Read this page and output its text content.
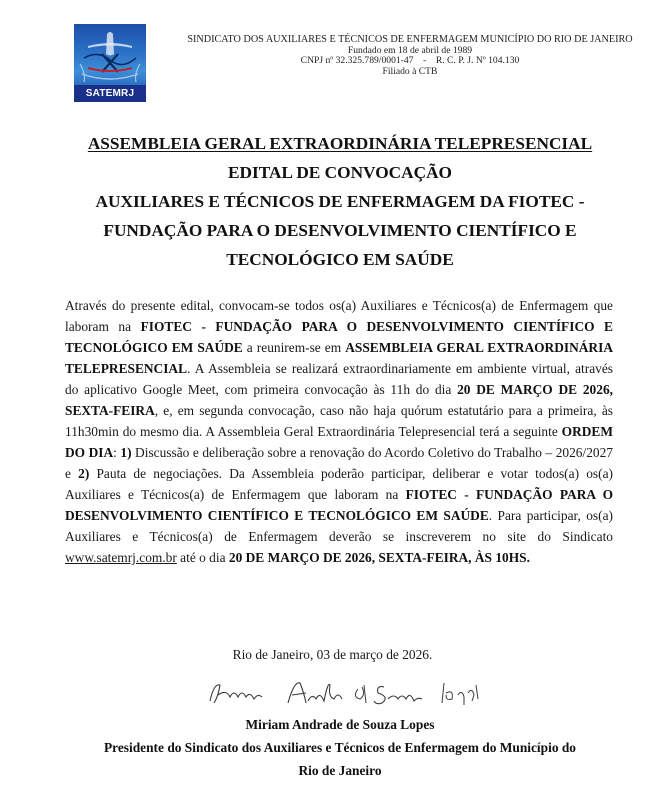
SATEMRJ
SINDICATO DOS AUXILIARES E TÉCNICOS DE ENFERMAGEM MUNICÍPIO DO RIO DE JANEIRO
Fundado em 18 de abril de 1989
CNPJ nº 32.325.789/0001-47    -    R. C. P. J. Nº 104.130
Filiado à CTB
ASSEMBLEIA GERAL EXTRAORDINÁRIA TELEPRESENCIAL
EDITAL DE CONVOCAÇÃO
AUXILIARES E TÉCNICOS DE ENFERMAGEM DA FIOTEC -
FUNDAÇÃO PARA O DESENVOLVIMENTO CIENTÍFICO E
TECNOLÓGICO EM SAÚDE
Através do presente edital, convocam-se todos os(a) Auxiliares e Técnicos(a) de Enfermagem que laboram na FIOTEC - FUNDAÇÃO PARA O DESENVOLVIMENTO CIENTÍFICO E TECNOLÓGICO EM SAÚDE a reunirem-se em ASSEMBLEIA GERAL EXTRAORDINÁRIA TELEPRESENCIAL. A Assembleia se realizará extraordinariamente em ambiente virtual, através do aplicativo Google Meet, com primeira convocação às 11h do dia 20 DE MARÇO DE 2026, SEXTA-FEIRA, e, em segunda convocação, caso não haja quórum estatutário para a primeira, às 11h30min do mesmo dia. A Assembleia Geral Extraordinária Telepresencial terá a seguinte ORDEM DO DIA: 1) Discussão e deliberação sobre a renovação do Acordo Coletivo do Trabalho – 2026/2027 e 2) Pauta de negociações. Da Assembleia poderão participar, deliberar e votar todos(a) os(a) Auxiliares e Técnicos(a) de Enfermagem que laboram na FIOTEC - FUNDAÇÃO PARA O DESENVOLVIMENTO CIENTÍFICO E TECNOLÓGICO EM SAÚDE. Para participar, os(a) Auxiliares e Técnicos(a) de Enfermagem deverão se inscreverem no site do Sindicato www.satemrj.com.br até o dia 20 DE MARÇO DE 2026, SEXTA-FEIRA, ÀS 10HS.
Rio de Janeiro, 03 de março de 2026.
Miriam Andrade de Souza Lopes
Presidente do Sindicato dos Auxiliares e Técnicos de Enfermagem do Município do
Rio de Janeiro
